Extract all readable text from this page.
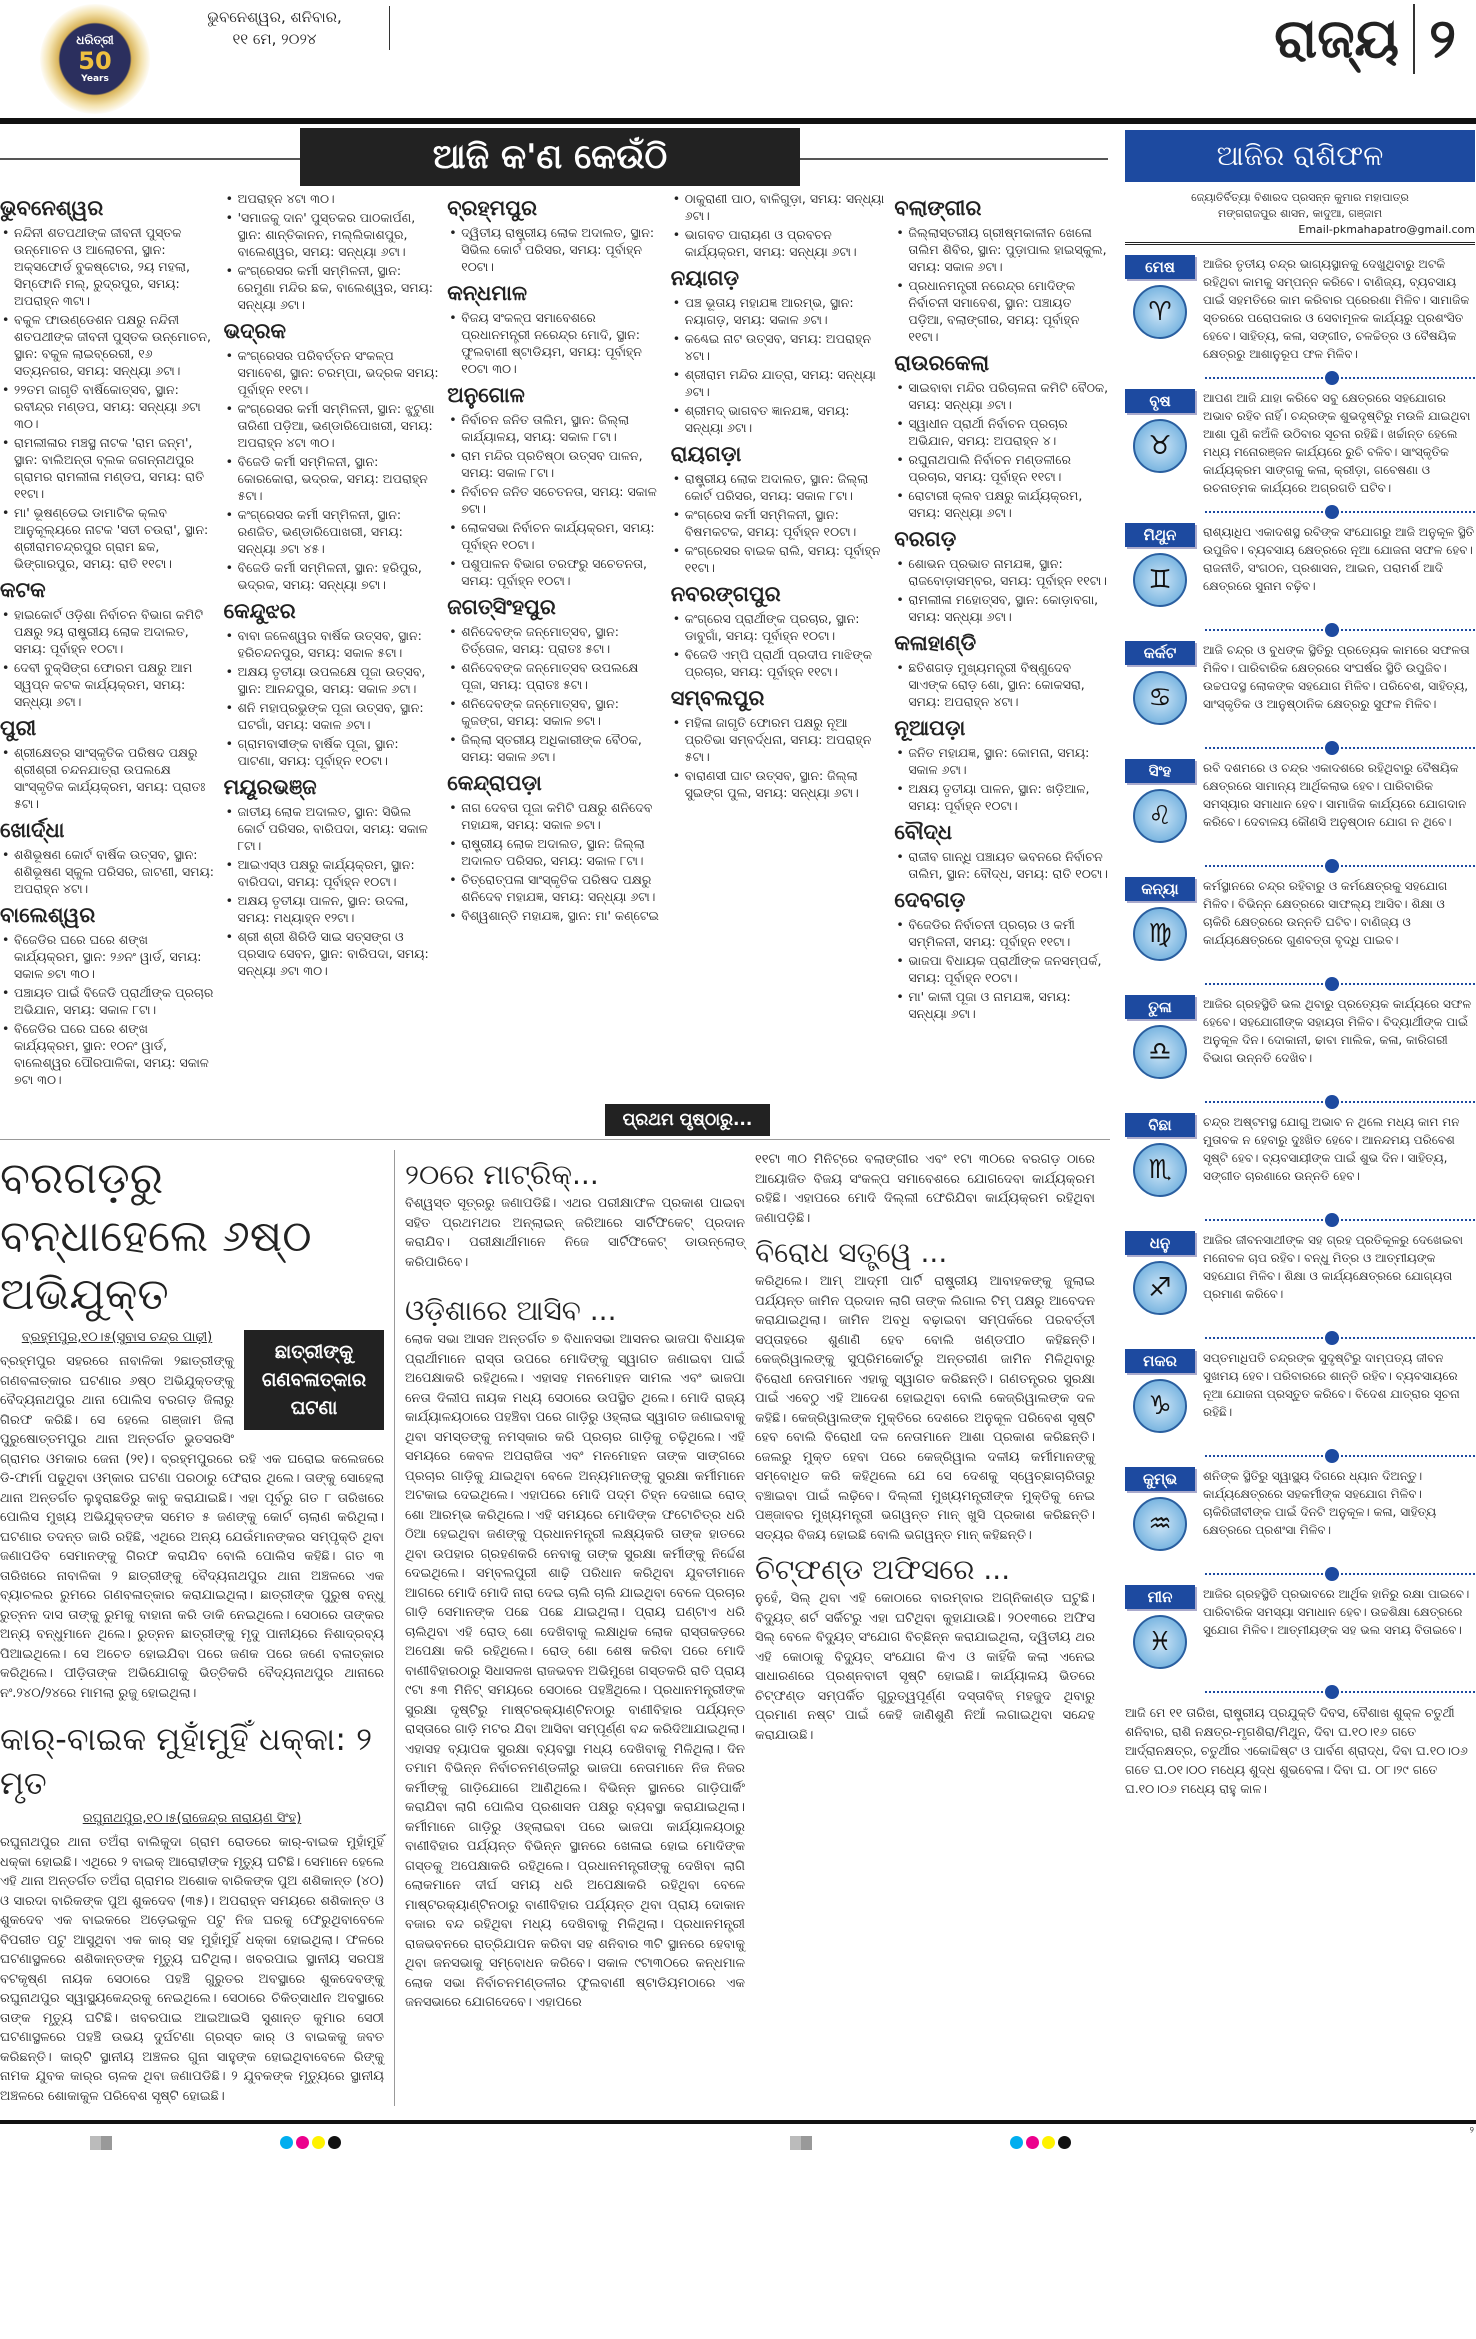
ଧରିତ୍ରୀ
50
Years
ଭୁବନେଶ୍ୱର, ଶନିବାର,
୧୧ ମେ, ୨୦୨୪	ରାଜ୍ୟ ୨
ଆଜି କ'ଣ କେଉଁଠି	ଆଜିର ରାଶିଫଳ
ଭୁବନେଶ୍ୱର
• ନନ୍ଦିନୀ ଶତପଥୀଙ୍କ ଜୀବନୀ ପୁସ୍ତକ ଉନ୍ମୋଚନ ଓ ଆଲୋଚନା, ସ୍ଥାନ: ଅକ୍ସଫୋର୍ଡ ବୁକଷ୍ଟୋର, ୨ୟ ମହଲା, ସିମ୍ଫୋନି ମଲ୍, ରୁଦ୍ରପୁର, ସମୟ: ଅପରାହ୍ନ ୩ଟା।
• ବକୁଳ ଫାଉଣ୍ଡେଶନ ପକ୍ଷରୁ ନନ୍ଦିନୀ ଶତପଥୀଙ୍କ ଜୀବନୀ ପୁସ୍ତକ ଉନ୍ମୋଚନ, ସ୍ଥାନ: ବକୁଳ ଲାଇବ୍ରେରୀ, ୧୬ ସତ୍ୟନଗର, ସମୟ: ସନ୍ଧ୍ୟା ୬ଟା।
• ୨୨ତମ ଜାଗୃତି ବାର୍ଷିକୋତ୍ସବ, ସ୍ଥାନ: ରବୀନ୍ଦ୍ର ମଣ୍ଡପ, ସମୟ: ସନ୍ଧ୍ୟା ୬ଟା ୩୦।
• ରାମଲୀଳାର ମଞ୍ଚସ୍ଥ ନାଟକ 'ରାମ ଜନ୍ମ', ସ୍ଥାନ: ବାଲିଅନ୍ତା ବ୍ଲକ ଜଗନ୍ନାଥପୁର ଗ୍ରାମର ରାମଲୀଳା ମଣ୍ଡପ, ସମୟ: ରାତି ୧୧ଟା।
• ମା' ଭୂଷଣ୍ଡେଇ ଡାମାଟିକ କ୍ଲବ ଆନୁକୂଲ୍ୟରେ ନାଟକ 'ସତୀ ଚଉରା', ସ୍ଥାନ: ଶ୍ରୀରାମଚନ୍ଦ୍ରପୁର ଗ୍ରାମ ଛକ, ଭିଙ୍ଗାରପୁର, ସମୟ: ରାତି ୧୧ଟା।
କଟକ
• ହାଇକୋର୍ଟ ଓଡ଼ିଶା ନିର୍ବାଚନ ବିଭାଗ କମିଟି ପକ୍ଷରୁ ୨ୟ ରାଷ୍ଟ୍ରୀୟ ଲୋକ ଅଦାଲତ, ସମୟ: ପୂର୍ବାହ୍ନ ୧୦ଟା।
• ଦେବୀ ବୁକ୍ସିଙ୍ଗ ଫୋରମ ପକ୍ଷରୁ ଆମ ସ୍ୱପ୍ନ କଟକ କାର୍ଯ୍ୟକ୍ରମ, ସମୟ: ସନ୍ଧ୍ୟା ୬ଟା।
ପୁରୀ
• ଶ୍ରୀକ୍ଷେତ୍ର ସାଂସ୍କୃତିକ ପରିଷଦ ପକ୍ଷରୁ ଶ୍ରୀଶ୍ରୀ ଚନ୍ଦନଯାତ୍ରା ଉପଲକ୍ଷେ ସାଂସ୍କୃତିକ କାର୍ଯ୍ୟକ୍ରମ, ସମୟ: ପ୍ରାତଃ ୫ଟା।
ଖୋର୍ଦ୍ଧା
• ଶଶିଭୂଷଣ କୋର୍ଟ ବାର୍ଷିକ ଉତ୍ସବ, ସ୍ଥାନ: ଶଶିଭୂଷଣ ସ୍କୁଲ ପରିସର, ଜାଟଣୀ, ସମୟ: ଅପରାହ୍ନ ୪ଟା।
ବାଲେଶ୍ୱର
• ବିଜେଡିର ଘରେ ଘରେ ଶଙ୍ଖ କାର୍ଯ୍ୟକ୍ରମ, ସ୍ଥାନ: ୨୬ନଂ ୱାର୍ଡ, ସମୟ: ସକାଳ ୭ଟା ୩୦।
• ପଞ୍ଚାୟତ ପାଇଁ ବିଜେଡି ପ୍ରାର୍ଥୀଙ୍କ ପ୍ରଚାର ଅଭିଯାନ, ସମୟ: ସକାଳ ୮ଟା।
• ବିଜେଡିର ଘରେ ଘରେ ଶଙ୍ଖ କାର୍ଯ୍ୟକ୍ରମ, ସ୍ଥାନ: ୧୦ନଂ ୱାର୍ଡ, ବାଲେଶ୍ୱର ପୌରପାଳିକା, ସମୟ: ସକାଳ ୭ଟା ୩୦।
• ଅପରାହ୍ନ ୪ଟା ୩୦।
• 'ସମାଜକୁ ଦାନ' ପୁସ୍ତକର ପାଠକାର୍ପଣ, ସ୍ଥାନ: ଶାନ୍ତିକାନନ, ମଲ୍ଲିକାଶପୁର, ବାଲେଶ୍ୱର, ସମୟ: ସନ୍ଧ୍ୟା ୬ଟା।
• କଂଗ୍ରେସର କର୍ମୀ ସମ୍ମିଳନୀ, ସ୍ଥାନ: ରେମୁଣା ମନ୍ଦିର ଛକ, ବାଲେଶ୍ୱର, ସମୟ: ସନ୍ଧ୍ୟା ୬ଟା।
ଭଦ୍ରକ
• କଂଗ୍ରେସର ପରିବର୍ତ୍ତନ ସଂକଳ୍ପ ସମାବେଶ, ସ୍ଥାନ: ଚରମ୍ପା, ଭଦ୍ରକ ସମୟ: ପୂର୍ବାହ୍ନ ୧୧ଟା।
• କଂଗ୍ରେସର କର୍ମୀ ସମ୍ମିଳନୀ, ସ୍ଥାନ: ଝୁଟୁଣା ତାରିଣୀ ପଡ଼ିଆ, ଭଣ୍ଡାରିପୋଖରୀ, ସମୟ: ଅପରାହ୍ନ ୪ଟା ୩୦।
• ବିଜେଡି କର୍ମୀ ସମ୍ମିଳନୀ, ସ୍ଥାନ: କୋରକୋରା, ଭଦ୍ରକ, ସମୟ: ଅପରାହ୍ନ ୫ଟା।
• କଂଗ୍ରେସର କର୍ମୀ ସମ୍ମିଳନୀ, ସ୍ଥାନ: ରଣଜିତ, ଭଣ୍ଡାରିପୋଖରୀ, ସମୟ: ସନ୍ଧ୍ୟା ୬ଟା ୪୫।
• ବିଜେଡି କର୍ମୀ ସମ୍ମିଳନୀ, ସ୍ଥାନ: ହରିପୁର, ଭଦ୍ରକ, ସମୟ: ସନ୍ଧ୍ୟା ୭ଟା।
କେନ୍ଦୁଝର
• ବାବା ଜଳେଶ୍ୱର ବାର୍ଷିକ ଉତ୍ସବ, ସ୍ଥାନ: ହରିଚନ୍ଦନପୁର, ସମୟ: ସକାଳ ୫ଟା।
• ଅକ୍ଷୟ ତୃତୀୟା ଉପଲକ୍ଷେ ପୂଜା ଉତ୍ସବ, ସ୍ଥାନ: ଆନନ୍ଦପୁର, ସମୟ: ସକାଳ ୬ଟା।
• ଶନି ମହାପ୍ରଭୁଙ୍କ ପୂଜା ଉତ୍ସବ, ସ୍ଥାନ: ଘଟଗାଁ, ସମୟ: ସକାଳ ୬ଟା।
• ଗ୍ରାମବାସୀଙ୍କ ବାର୍ଷିକ ପୂଜା, ସ୍ଥାନ: ପାଟଣା, ସମୟ: ପୂର୍ବାହ୍ନ ୧୦ଟା।
ମୟୂରଭଞ୍ଜ
• ଜାତୀୟ ଲୋକ ଅଦାଲତ, ସ୍ଥାନ: ସିଭିଲ କୋର୍ଟ ପରିସର, ବାରିପଦା, ସମୟ: ସକାଳ ୮ଟା।
• ଆଇଏସ୍‌ଓ ପକ୍ଷରୁ କାର୍ଯ୍ୟକ୍ରମ, ସ୍ଥାନ: ବାରିପଦା, ସମୟ: ପୂର୍ବାହ୍ନ ୧୦ଟା।
• ଅକ୍ଷୟ ତୃତୀୟା ପାଳନ, ସ୍ଥାନ: ଉଦଳା, ସମୟ: ମଧ୍ୟାହ୍ନ ୧୨ଟା।
• ଶ୍ରୀ ଶ୍ରୀ ଶିରିଡି ସାଇ ସତ୍ସଙ୍ଗ ଓ ପ୍ରସାଦ ସେବନ, ସ୍ଥାନ: ବାରିପଦା, ସମୟ: ସନ୍ଧ୍ୟା ୬ଟା ୩୦।
ବ୍ରହ୍ମପୁର
• ଦ୍ୱିତୀୟ ରାଷ୍ଟ୍ରୀୟ ଲୋକ ଅଦାଲତ, ସ୍ଥାନ: ସିଭିଲ କୋର୍ଟ ପରିସର, ସମୟ: ପୂର୍ବାହ୍ନ ୧୦ଟା।
କନ୍ଧମାଳ
• ବିଜୟ ସଂକଳ୍ପ ସମାବେଶରେ ପ୍ରଧାନମନ୍ତ୍ରୀ ନରେନ୍ଦ୍ର ମୋଦି, ସ୍ଥାନ: ଫୁଲବାଣୀ ଷ୍ଟାଡିୟମ, ସମୟ: ପୂର୍ବାହ୍ନ ୧୦ଟା ୩୦।
ଅନୁଗୋଳ
• ନିର୍ବାଚନ ଜନିତ ତାଲିମ, ସ୍ଥାନ: ଜିଲ୍ଲା କାର୍ଯ୍ୟାଳୟ, ସମୟ: ସକାଳ ୮ଟା।
• ରାମ ମନ୍ଦିର ପ୍ରତିଷ୍ଠା ଉତ୍ସବ ପାଳନ, ସମୟ: ସକାଳ ୮ଟା।
• ନିର୍ବାଚନ ଜନିତ ସଚେତନତା, ସମୟ: ସକାଳ ୭ଟା।
• ଲୋକସଭା ନିର୍ବାଚନ କାର୍ଯ୍ୟକ୍ରମ, ସମୟ: ପୂର୍ବାହ୍ନ ୧୦ଟା।
• ପଶୁପାଳନ ବିଭାଗ ତରଫରୁ ସଚେତନତା, ସମୟ: ପୂର୍ବାହ୍ନ ୧୦ଟା।
ଜଗତ୍‌ସିଂହପୁର
• ଶନିଦେବଙ୍କ ଜନ୍ମୋତ୍ସବ, ସ୍ଥାନ: ତିର୍ତ୍ତୋଳ, ସମୟ: ପ୍ରାତଃ ୫ଟା।
• ଶନିଦେବଙ୍କ ଜନ୍ମୋତ୍ସବ ଉପଲକ୍ଷେ ପୂଜା, ସମୟ: ପ୍ରାତଃ ୫ଟା।
• ଶନିଦେବଙ୍କ ଜନ୍ମୋତ୍ସବ, ସ୍ଥାନ: କୁଜଙ୍ଗ, ସମୟ: ସକାଳ ୭ଟା।
• ଜିଲ୍ଲା ସ୍ତରୀୟ ଅଧିକାରୀଙ୍କ ବୈଠକ, ସମୟ: ସକାଳ ୬ଟା।
କେନ୍ଦ୍ରାପଡ଼ା
• ନାଗ ଦେବତା ପୂଜା କମିଟି ପକ୍ଷରୁ ଶନିଦେବ ମହାଯଜ୍ଞ, ସମୟ: ସକାଳ ୭ଟା।
• ରାଷ୍ଟ୍ରୀୟ ଲୋକ ଅଦାଲତ, ସ୍ଥାନ: ଜିଲ୍ଲା ଅଦାଲତ ପରିସର, ସମୟ: ସକାଳ ୮ଟା।
• ଚିତ୍ରୋତ୍ପଳା ସାଂସ୍କୃତିକ ପରିଷଦ ପକ୍ଷରୁ ଶନିଦେବ ମହାଯଜ୍ଞ, ସମୟ: ସନ୍ଧ୍ୟା ୬ଟା।
• ବିଶ୍ୱଶାନ୍ତି ମହାଯଜ୍ଞ, ସ୍ଥାନ: ମା' କଣ୍ଟେଇ
• ଠାକୁରାଣୀ ପାଠ, ବାଳିଗୁଡ଼ା, ସମୟ: ସନ୍ଧ୍ୟା ୬ଟା।
• ଭାଗବତ ପାରାୟଣ ଓ ପ୍ରବଚନ କାର୍ଯ୍ୟକ୍ରମ, ସମୟ: ସନ୍ଧ୍ୟା ୬ଟା।
ନୟାଗଡ଼
• ପଞ୍ଚ ଭୂତାୟ ମହାଯଜ୍ଞ ଆରମ୍ଭ, ସ୍ଥାନ: ନୟାଗଡ଼, ସମୟ: ସକାଳ ୬ଟା।
• କଣ୍ଢେଇ ନାଟ ଉତ୍ସବ, ସମୟ: ଅପରାହ୍ନ ୪ଟା।
• ଶ୍ରୀରାମ ମନ୍ଦିର ଯାତ୍ରା, ସମୟ: ସନ୍ଧ୍ୟା ୬ଟା।
• ଶ୍ରୀମଦ୍ ଭାଗବତ ଜ୍ଞାନଯଜ୍ଞ, ସମୟ: ସନ୍ଧ୍ୟା ୬ଟା।
ରାୟଗଡ଼ା
• ରାଷ୍ଟ୍ରୀୟ ଲୋକ ଅଦାଲତ, ସ୍ଥାନ: ଜିଲ୍ଲା କୋର୍ଟ ପରିସର, ସମୟ: ସକାଳ ୮ଟା।
• କଂଗ୍ରେସ କର୍ମୀ ସମ୍ମିଳନୀ, ସ୍ଥାନ: ବିଷମକଟକ, ସମୟ: ପୂର୍ବାହ୍ନ ୧୦ଟା।
• କଂଗ୍ରେସର ବାଇକ ରାଲି, ସମୟ: ପୂର୍ବାହ୍ନ ୧୧ଟା।
ନବରଙ୍ଗପୁର
• କଂଗ୍ରେସ ପ୍ରାର୍ଥୀଙ୍କ ପ୍ରଚାର, ସ୍ଥାନ: ଡାବୁଗାଁ, ସମୟ: ପୂର୍ବାହ୍ନ ୧୦ଟା।
• ବିଜେଡି ଏମ୍‌ପି ପ୍ରାର୍ଥୀ ପ୍ରଦୀପ ମାଝିଙ୍କ ପ୍ରଚାର, ସମୟ: ପୂର୍ବାହ୍ନ ୧୧ଟା।
ସମ୍ବଲପୁର
• ମହିଳା ଜାଗୃତି ଫୋରମ ପକ୍ଷରୁ ନୂଆ ପ୍ରତିଭା ସମ୍ବର୍ଦ୍ଧନା, ସମୟ: ଅପରାହ୍ନ ୫ଟା।
• ବାରାଣସୀ ଘାଟ ଉତ୍ସବ, ସ୍ଥାନ: ଜିଲ୍ଲା ସୁଇଙ୍ଗ ପୁଲ, ସମୟ: ସନ୍ଧ୍ୟା ୬ଟା।
ବଲାଙ୍ଗୀର
• ଜିଲ୍ଲାସ୍ତରୀୟ ଗ୍ରୀଷ୍ମକାଳୀନ ଖେଳୋ ତାଲିମ ଶିବିର, ସ୍ଥାନ: ପୁଡ଼ାପାଲ ହାଇସ୍କୁଲ, ସମୟ: ସକାଳ ୬ଟା।
• ପ୍ରଧାନମନ୍ତ୍ରୀ ନରେନ୍ଦ୍ର ମୋଦିଙ୍କ ନିର୍ବାଚନୀ ସମାବେଶ, ସ୍ଥାନ: ପଞ୍ଚାୟତ ପଡ଼ିଆ, ବଲାଙ୍ଗୀର, ସମୟ: ପୂର୍ବାହ୍ନ ୧୧ଟା।
ରାଉରକେଲା
• ସାଇବାବା ମନ୍ଦିର ପରିଚାଳନା କମିଟି ବୈଠକ, ସମୟ: ସନ୍ଧ୍ୟା ୬ଟା।
• ସ୍ୱାଧୀନ ପ୍ରାର୍ଥୀ ନିର୍ବାଚନ ପ୍ରଚାର ଅଭିଯାନ, ସମୟ: ଅପରାହ୍ନ ୪।
• ରଘୁନାଥପାଲି ନିର୍ବାଚନ ମଣ୍ଡଳୀରେ ପ୍ରଚାର, ସମୟ: ପୂର୍ବାହ୍ନ ୧୧ଟା।
• ରୋଟାରୀ କ୍ଲବ ପକ୍ଷରୁ କାର୍ଯ୍ୟକ୍ରମ, ସମୟ: ସନ୍ଧ୍ୟା ୬ଟା।
ବରଗଡ଼
• ଶୋଭନ ପ୍ରଭାତ ନାମଯଜ୍ଞ, ସ୍ଥାନ: ରାଜବୋଡ଼ାସମ୍ବର, ସମୟ: ପୂର୍ବାହ୍ନ ୧୧ଟା।
• ରାମଲୀଳା ମହୋତ୍ସବ, ସ୍ଥାନ: କୋଡ଼ାବଗା, ସମୟ: ସନ୍ଧ୍ୟା ୬ଟା।
କଳାହାଣ୍ଡି
• ଛତିଶଗଡ଼ ମୁଖ୍ୟମନ୍ତ୍ରୀ ବିଷ୍ଣୁଦେବ ସାଏଙ୍କ ରୋଡ଼ ଶୋ, ସ୍ଥାନ: କୋକସରା, ସମୟ: ଅପରାହ୍ନ ୪ଟା।
ନୂଆପଡ଼ା
• ଜନିତ ମହାଯଜ୍ଞ, ସ୍ଥାନ: କୋମନା, ସମୟ: ସକାଳ ୬ଟା।
• ଅକ୍ଷୟ ତୃତୀୟା ପାଳନ, ସ୍ଥାନ: ଖଡ଼ିଆଳ, ସମୟ: ପୂର୍ବାହ୍ନ ୧୦ଟା।
ବୌଦ୍ଧ
• ରାଜୀବ ଗାନ୍ଧି ପଞ୍ଚାୟତ ଭବନରେ ନିର୍ବାଚନ ତାଲିମ, ସ୍ଥାନ: ବୌଦ୍ଧ, ସମୟ: ରାତି ୧୦ଟା।
ଦେବଗଡ଼
• ବିଜେଡିର ନିର୍ବାଚନୀ ପ୍ରଚାର ଓ କର୍ମୀ ସମ୍ମିଳନୀ, ସମୟ: ପୂର୍ବାହ୍ନ ୧୧ଟା।
• ଭାଜପା ବିଧାୟକ ପ୍ରାର୍ଥୀଙ୍କ ଜନସମ୍ପର୍କ, ସମୟ: ପୂର୍ବାହ୍ନ ୧୦ଟା।
• ମା' କାଳୀ ପୂଜା ଓ ନାମଯଜ୍ଞ, ସମୟ: ସନ୍ଧ୍ୟା ୬ଟା।
ପ୍ରଥମ ପୃଷ୍ଠାରୁ...
ବରଗଡ଼ରୁ ବନ୍ଧାହେଲେ ୬ଷ୍ଠ ଅଭିଯୁକ୍ତ
ଛାତ୍ରୀଙ୍କୁ
ଗଣବଳାତ୍କାର
ଘଟଣା
ବ୍ରହ୍ମପୁର,୧୦।୫(ସୁବାସ ଚନ୍ଦ୍ର ପାଢ଼ୀ)
ବ୍ରହ୍ମପୁର ସହରରେ ନାବାଳିକା ୨ଛାତ୍ରୀଙ୍କୁ ଗଣବଳାତ୍କାର ଘଟଣାର ୬ଷ୍ଠ ଅଭିଯୁକ୍ତଙ୍କୁ ବୈଦ୍ୟନାଥପୁର ଥାନା ପୋଲିସ ବରଗଡ଼ ଜିଲାରୁ ଗିରଫ କରିଛି। ସେ ହେଲେ ଗଞ୍ଜାମ ଜିଲା ପୁରୁଷୋତ୍ତମପୁର ଥାନା ଅନ୍ତର୍ଗତ ଭୁତସରସିଂ ଗ୍ରାମର ଓମକାର ଜେନା (୨୧)। ବ୍ରହ୍ମପୁରରେ ରହି ଏକ ଘରୋଇ କଲେଜରେ ଡି-ଫାର୍ମା ପଢୁଥିବା ଓମ୍‌କାର ଘଟଣା ପରଠାରୁ ଫେରାର ଥିଲେ। ତାଙ୍କୁ ସୋହେଲା ଥାନା ଅନ୍ତର୍ଗତ ଲୁହୁରାଛଡିରୁ କାବୁ କରାଯାଇଛି। ଏହା ପୂର୍ବରୁ ଗତ ୮ ତାରିଖରେ ପୋଲିସ ମୁଖ୍ୟ ଅଭିଯୁକ୍ତଙ୍କ ସମେତ ୫ ଜଣଙ୍କୁ କୋର୍ଟ ଚାଲାଣ କରିଥିଲା। ଘଟଣାର ତଦନ୍ତ ଜାରି ରହିଛି, ଏଥିରେ ଅନ୍ୟ ଯେଉଁମାନଙ୍କର ସମ୍ପୃକ୍ତି ଥିବା ଜଣାପଡିବ ସେମାନଙ୍କୁ ଗିରଫ କରାଯିବ ବୋଲି ପୋଲିସ କହିଛି। ଗତ ୩ ତାରିଖରେ ନାବାଳିକା ୨ ଛାତ୍ରୀଙ୍କୁ ବୈଦ୍ୟନାଥପୁର ଥାନା ଅଞ୍ଚଳରେ ଏକ ବ୍ୟାଚଲର ରୁମରେ ଗଣବଳାତ୍କାର କରାଯାଇଥିଲା। ଛାତ୍ରୀଙ୍କ ପୁରୁଷ ବନ୍ଧୁ ରୁତ୍ନନ ଦାସ ତାଙ୍କୁ ରୁମକୁ ବାହାନା କରି ଡାକି ନେଇଥିଲେ। ସେଠାରେ ତାଙ୍କର ଅନ୍ୟ ବନ୍ଧୁମାନେ ଥିଲେ। ରୁତ୍ନନ ଛାତ୍ରୀଙ୍କୁ ମୃଦୁ ପାନୀୟରେ ନିଶାଦ୍ରବ୍ୟ ପିଆଇଥିଲେ। ସେ ଅଚେତ ହୋଇଯିବା ପରେ ଜଣକ ପରେ ଜଣେ ବଳାତ୍କାର କରିଥିଲେ। ପୀଡ଼ିତାଙ୍କ ଅଭିଯୋଗକୁ ଭିତ୍ତିକରି ବୈଦ୍ୟନାଥପୁର ଥାନାରେ ନଂ.୨୪୦/୨୪ରେ ମାମଲା ରୁଜୁ ହୋଇଥିଲା।
କାର୍-ବାଇକ ମୁହାଁମୁହିଁ ଧକ୍କା: ୨ ମୃତ
ରଘୁନାଥପୁର,୧୦।୫(ରାଜେନ୍ଦ୍ର ନାରାୟଣ ସିଂହ)
ରଘୁନାଥପୁର ଥାନା ତଅଁରା ବାଲିକୁଦା ଗ୍ରାମ ରୋଡରେ କାର୍-ବାଇକ ମୁହାଁମୁହିଁ ଧକ୍କା ହୋଇଛି। ଏଥିରେ ୨ ବାଇକ୍ ଆରୋହୀଙ୍କ ମୃତ୍ୟୁ ଘଟିଛି। ସେମାନେ ହେଲେ ଏହି ଥାନା ଅନ୍ତର୍ଗତ ତଅଁରା ଗ୍ରାମର ଅଶୋକ ବାରିକଙ୍କ ପୁଅ ଶଶିକାନ୍ତ (୪୦) ଓ ସାରଦା ବାରିକଙ୍କ ପୁଅ ଶୁକଦେବ (୩୫)। ଅପରାହ୍ନ ସମୟରେ ଶଶିକାନ୍ତ ଓ ଶୁକଦେବ ଏକ ବାଇକରେ ଅଡ଼େଇକୁଳ ପଟୁ ନିଜ ଘରକୁ ଫେରୁଥିବାବେଳେ ବିପରୀତ ପଟୁ ଆସୁଥିବା ଏକ କାର୍ ସହ ମୁହାଁମୁହିଁ ଧକ୍କା ହୋଇଥିଲା। ଫଳରେ ଘଟଣାସ୍ଥଳରେ ଶଶିକାନ୍ତଙ୍କ ମୃତ୍ୟୁ ଘଟିଥିଲା। ଖବରପାଇ ସ୍ଥାନୀୟ ସରପଞ୍ଚ ବଟକୃଷ୍ଣ ନାୟକ ସେଠାରେ ପହଞ୍ଚି ଗୁରୁତର ଅବସ୍ଥାରେ ଶୁକଦେବଙ୍କୁ ରଘୁନାଥପୁର ସ୍ୱାସ୍ଥ୍ୟକେନ୍ଦ୍ରକୁ ନେଇଥିଲେ। ସେଠାରେ ଚିକିତ୍ସାଧୀନ ଅବସ୍ଥାରେ ତାଙ୍କ ମୃତ୍ୟୁ ଘଟିଛି। ଖବରପାଇ ଆଇଆଇସି ସୁଶାନ୍ତ କୁମାର ସେଠୀ ଘଟଣାସ୍ଥଳରେ ପହଞ୍ଚି ଉଭୟ ଦୁର୍ଘଟଣା ଗ୍ରସ୍ତ କାର୍ ଓ ବାଇକକୁ ଜବତ କରିଛନ୍ତି। କାର୍‌ଟି ସ୍ଥାନୀୟ ଅଞ୍ଚଳର ଗୁନା ସାହୁଙ୍କ ହୋଇଥିବାବେଳେ ରିଙ୍କୁ ନାମକ ଯୁବକ କାର୍‌ର ଚାଳକ ଥିବା ଜଣାପଡିଛି। ୨ ଯୁବକଙ୍କ ମୃତ୍ୟୁରେ ସ୍ଥାନୀୟ ଅଞ୍ଚଳରେ ଶୋକାକୁଳ ପରିବେଶ ସୃଷ୍ଟି ହୋଇଛି।
୨୦ରେ ମାଟ୍ରିକ୍...
ବିଶ୍ୱସ୍ତ ସୂତ୍ରରୁ ଜଣାପଡିଛି। ଏଥର ପରୀକ୍ଷାଫଳ ପ୍ରକାଶ ପାଇବା ସହିତ ପ୍ରଥମଥର ଅନ୍‌ଲାଇନ୍ ଜରିଆରେ ସାର୍ଟିଫିକେଟ୍ ପ୍ରଦାନ କରାଯିବ। ପରୀକ୍ଷାର୍ଥୀମାନେ ନିଜେ ସାର୍ଟିଫିକେଟ୍ ଡାଉନ୍‌ଲୋଡ୍ କରିପାରିବେ।
ଓଡ଼ିଶାରେ ଆସିବ ...
ଲୋକ ସଭା ଆସନ ଅନ୍ତର୍ଗତ ୭ ବିଧାନସଭା ଆସନର ଭାଜପା ବିଧାୟକ ପ୍ରାର୍ଥୀମାନେ ରାସ୍ତା ଉପରେ ମୋଦିଙ୍କୁ ସ୍ୱାଗତ ଜଣାଇବା ପାଇଁ ଅପେକ୍ଷାକରି ରହିଥିଲେ। ଏହାସହ ମନମୋହନ ସାମଲ ଏବଂ ଭାଜପା ନେତା ଦିଲୀପ ନାୟକ ମଧ୍ୟ ସେଠାରେ ଉପସ୍ଥିତ ଥିଲେ। ମୋଦି ରାଜ୍ୟ କାର୍ଯ୍ୟାଳୟଠାରେ ପହଞ୍ଚିବା ପରେ ଗାଡ଼ିରୁ ଓହ୍ଲାଇ ସ୍ୱାଗତ ଜଣାଇବାକୁ ଥିବା ସମସ୍ତଙ୍କୁ ନମସ୍କାର କରି ପ୍ରଚାର ଗାଡ଼ିକୁ ଚଢ଼ିଥିଲେ। ଏହି ସମୟରେ କେବଳ ଅପରାଜିତା ଏବଂ ମନମୋହନ ତାଙ୍କ ସାଙ୍ଗରେ ପ୍ରଚାର ଗାଡ଼ିକୁ ଯାଇଥିବା ବେଳେ ଅନ୍ୟମାନଙ୍କୁ ସୁରକ୍ଷା କର୍ମୀମାନେ ଅଟକାଇ ଦେଇଥିଲେ। ଏହାପରେ ମୋଦି ପଦ୍ମ ଚିହ୍ନ ଦେଖାଇ ରୋଡ୍ ଶୋ ଆରମ୍ଭ କରିଥିଲେ। ଏହି ସମୟରେ ମୋଦିଙ୍କ ଫଟୋଚିତ୍ର ଧରି ଠିଆ ହେଇଥିବା ଜଣଙ୍କୁ ପ୍ରଧାନମନ୍ତ୍ରୀ ଲକ୍ଷ୍ୟକରି ତାଙ୍କ ହାତରେ ଥିବା ଉପହାର ଗ୍ରହଣକରି ନେବାକୁ ତାଙ୍କ ସୁରକ୍ଷା କର୍ମୀଙ୍କୁ ନିର୍ଦ୍ଦେଶ ଦେଇଥିଲେ। ସମ୍ବଲପୁରୀ ଶାଢ଼ି ପରିଧାନ କରିଥିବା ଯୁବତୀମାନେ ଆଗରେ ମୋଦି ମୋଦି ନାରା ଦେଇ ଚାଲି ଚାଲି ଯାଇଥିବା ବେଳେ ପ୍ରଚାର ଗାଡ଼ି ସେମାନଙ୍କ ପଛେ ପଛେ ଯାଇଥିଲା। ପ୍ରାୟ ଘଣ୍ଟାଏ ଧରି ଚାଲିଥିବା ଏହି ରୋଡ୍ ଶୋ ଦେଖିବାକୁ ଲକ୍ଷାଧିକ ଲୋକ ରାସ୍ତାକଡ଼ରେ ଅପେକ୍ଷା କରି ରହିଥିଲେ। ରୋଡ୍ ଶୋ ଶେଷ କରିବା ପରେ ମୋଦି ବାଣୀବିହାରଠାରୁ ସିଧାସଳଖ ରାଜଭବନ ଅଭିମୁଖେ ଗସ୍ତକରି ରାତି ପ୍ରାୟ ୯ଟା ୫୩ ମିନିଟ୍ ସମୟରେ ସେଠାରେ ପହଞ୍ଚିଥିଲେ। ପ୍ରଧାନମନ୍ତ୍ରୀଙ୍କ ସୁରକ୍ଷା ଦୃଷ୍ଟିରୁ ମାଷ୍ଟରକ୍ୟାଣ୍ଟିନଠାରୁ ବାଣୀବିହାର ପର୍ଯ୍ୟନ୍ତ ରାସ୍ତାରେ ଗାଡ଼ି ମଟର ଯିବା ଆସିବା ସମ୍ପୂର୍ଣ୍ଣ ବନ୍ଦ କରିଦିଆଯାଇଥିଲା। ଏହାସହ ବ୍ୟାପକ ସୁରକ୍ଷା ବ୍ୟବସ୍ଥା ମଧ୍ୟ ଦେଖିବାକୁ ମିଳିଥିଲା। ଦିନ ତମାମ ବିଭିନ୍ନ ନିର୍ବାଚନମଣ୍ଡଳୀରୁ ଭାଜପା ନେତାମାନେ ନିଜ ନିଜର କର୍ମୀଙ୍କୁ ଗାଡ଼ିଯୋଗେ ଆଣିଥିଲେ। ବିଭିନ୍ନ ସ୍ଥାନରେ ଗାଡ଼ିପାର୍କିଂ କରାଯିବା ଲାଗି ପୋଲିସ ପ୍ରଶାସନ ପକ୍ଷରୁ ବ୍ୟବସ୍ଥା କରାଯାଇଥିଲା। କର୍ମୀମାନେ ଗାଡ଼ିରୁ ଓହ୍ଲାଇବା ପରେ ଭାଜପା କାର୍ଯ୍ୟାଳୟଠାରୁ ବାଣୀବିହାର ପର୍ଯ୍ୟନ୍ତ ବିଭିନ୍ନ ସ୍ଥାନରେ ଖେଳାଇ ହୋଇ ମୋଦିଙ୍କ ଗସ୍ତକୁ ଅପେକ୍ଷାକରି ରହିଥିଲେ। ପ୍ରଧାନମନ୍ତ୍ରୀଙ୍କୁ ଦେଖିବା ଲାଗି ଲୋକମାନେ ଦୀର୍ଘ ସମୟ ଧରି ଅପେକ୍ଷାକରି ରହିଥିବା ବେଳେ ମାଷ୍ଟରକ୍ୟାଣ୍ଟିନଠାରୁ ବାଣୀବିହାର ପର୍ଯ୍ୟନ୍ତ ଥିବା ପ୍ରାୟ ଦୋକାନ ବଜାର ବନ୍ଦ ରହିଥିବା ମଧ୍ୟ ଦେଖିବାକୁ ମିଳିଥିଲା। ପ୍ରଧାନମନ୍ତ୍ରୀ ରାଜଭବନରେ ରାତ୍ରିଯାପନ କରିବା ସହ ଶନିବାର ୩ଟି ସ୍ଥାନରେ ହେବାକୁ ଥିବା ଜନସଭାକୁ ସମ୍ବୋଧନ କରିବେ। ସକାଳ ୯ଟା୩୦ରେ କନ୍ଧମାଳ ଲୋକ ସଭା ନିର୍ବାଚନମଣ୍ଡଳୀର ଫୁଲବାଣୀ ଷ୍ଟାଡିୟମଠାରେ ଏକ ଜନସଭାରେ ଯୋଗଦେବେ। ଏହାପରେ
୧୧ଟା ୩୦ ମିନିଟ୍‌ରେ ବଲାଙ୍ଗୀର ଏବଂ ୧ଟା ୩୦ରେ ବରଗଡ଼ ଠାରେ ଆୟୋଜିତ ବିଜୟ ସଂକଳ୍ପ ସମାବେଶରେ ଯୋଗଦେବା କାର୍ଯ୍ୟକ୍ରମ ରହିଛି। ଏହାପରେ ମୋଦି ଦିଲ୍ଲୀ ଫେରିଯିବା କାର୍ଯ୍ୟକ୍ରମ ରହିଥିବା ଜଣାପଡ଼ିଛି।
ବିରୋଧ ସତ୍ତ୍ୱେ ...
କରିଥିଲେ। ଆମ୍ ଆଦ୍‌ମୀ ପାର୍ଟି ରାଷ୍ଟ୍ରୀୟ ଆବାହକଙ୍କୁ ଜୁଲାଇ ପର୍ଯ୍ୟନ୍ତ ଜାମିନ ପ୍ରଦାନ ଲାଗି ତାଙ୍କ ଲିଗାଲ ଟିମ୍ ପକ୍ଷରୁ ଆବେଦନ କରାଯାଇଥିଲା। ଜାମିନ ଅବଧି ବଢ଼ାଇବା ସମ୍ପର୍କରେ ପରବର୍ତ୍ତୀ ସପ୍ତାହରେ ଶୁଣାଣି ହେବ ବୋଲି ଖଣ୍ଡପୀଠ କହିଛନ୍ତି। କେଜ୍‌ରିୱାଲଙ୍କୁ ସୁପ୍ରିମକୋର୍ଟରୁ ଅନ୍ତରୀଣ ଜାମିନ ମିଳିଥିବାରୁ ବିରୋଧୀ ନେତାମାନେ ଏହାକୁ ସ୍ୱାଗତ କରିଛନ୍ତି। ଗଣତନ୍ତ୍ରର ସୁରକ୍ଷା ପାଇଁ ଏବେଠୁ ଏହି ଆଦେଶ ହୋଇଥିବା ବୋଲି କେଜ୍‌ରିୱାଲଙ୍କ ଦଳ କହିଛି। କେଜ୍‌ରିୱାଲଙ୍କ ମୁକ୍ତିରେ ଦେଶରେ ଅନୁକୂଳ ପରିବେଶ ସୃଷ୍ଟି ହେବ ବୋଲି ବିରୋଧୀ ଦଳ ନେତାମାନେ ଆଶା ପ୍ରକାଶ କରିଛନ୍ତି। ଜେଲରୁ ମୁକ୍ତ ହେବା ପରେ କେଜ୍‌ରିୱାଲ ଦଳୀୟ କର୍ମୀମାନଙ୍କୁ ସମ୍ବୋଧିତ କରି କହିଥିଲେ ଯେ ସେ ଦେଶକୁ ସ୍ୱେଚ୍ଛାଚାରିତାରୁ ବଞ୍ଚାଇବା ପାଇଁ ଲଢ଼ିବେ। ଦିଲ୍ଲୀ ମୁଖ୍ୟମନ୍ତ୍ରୀଙ୍କ ମୁକ୍ତିକୁ ନେଇ ପଞ୍ଜାବର ମୁଖ୍ୟମନ୍ତ୍ରୀ ଭଗୱନ୍ତ ମାନ୍ ଖୁସି ପ୍ରକାଶ କରିଛନ୍ତି। ସତ୍ୟର ବିଜୟ ହୋଇଛି ବୋଲି ଭଗୱନ୍ତ ମାନ୍ କହିଛନ୍ତି।
ଚିଟ୍‌ଫଣ୍ଡ ଅଫିସରେ ...
ନୁହେଁ, ସିଲ୍ ଥିବା ଏହି କୋଠାରେ ବାରମ୍ବାର ଅଗ୍ନିକାଣ୍ଡ ଘଟୁଛି। ବିଦ୍ୟୁତ୍ ଶର୍ଟ ସର୍କିଟରୁ ଏହା ଘଟିଥିବା କୁହାଯାଉଛି। ୨୦୧୩ରେ ଅଫିସ ସିଲ୍ ବେଳେ ବିଦ୍ୟୁତ୍ ସଂଯୋଗ ବିଚ୍ଛିନ୍ନ କରାଯାଇଥିଲା, ଦ୍ୱିତୀୟ ଥର ଏହି କୋଠାକୁ ବିଦ୍ୟୁତ୍ ସଂଯୋଗ କିଏ ଓ କାହିଁକି କଲା ଏନେଇ ସାଧାରଣରେ ପ୍ରଶ୍ନବାଚୀ ସୃଷ୍ଟି ହୋଇଛି। କାର୍ଯ୍ୟାଳୟ ଭିତରେ ଚିଟ୍‌ଫଣ୍ଡ ସମ୍ପର୍କିତ ଗୁରୁତ୍ୱପୂର୍ଣ୍ଣ ଦସ୍ତାବିଜ୍ ମହଜୁଦ ଥିବାରୁ ପ୍ରମାଣ ନଷ୍ଟ ପାଇଁ କେହି ଜାଣିଶୁଣି ନିଆଁ ଲଗାଇଥିବା ସନ୍ଦେହ କରାଯାଉଛି।
ଜ୍ୟୋତିର୍ବିତ୍ୟା ବିଶାରଦ ପ୍ରସନ୍ନ କୁମାର ମହାପାତ୍ର
ମଙ୍ଗରାଜପୁର ଶାସନ, କାଦୁଆ, ଗଞ୍ଜାମ
Email-pkmahapatro@gmail.com
ମେଷ
♈
ଆଜିର ତୃତୀୟ ଚନ୍ଦ୍ର ଭାଗ୍ୟସ୍ଥାନକୁ ଦେଖୁଥିବାରୁ ଅଟକି ରହିଥିବା କାମକୁ ସମ୍ପନ୍ନ କରିବେ। ବାଣିଜ୍ୟ, ବ୍ୟବସାୟ ପାଇଁ ସହମତିରେ କାମ କରିବାର ପ୍ରେରଣା ମିଳିବ। ସାମାଜିକ ସ୍ତରରେ ପରୋପକାର ଓ ସେବାମୂଳକ କାର୍ଯ୍ୟରୁ ପ୍ରଶଂସିତ ହେବେ। ସାହିତ୍ୟ, କଳା, ସଙ୍ଗୀତ, ଚଳଚ୍ଚିତ୍ର ଓ ବୈଷୟିକ କ୍ଷେତ୍ରରୁ ଆଶାନୁରୂପ ଫଳ ମିଳିବ।
ବୃଷ
♉
ଆପଣ ଆଜି ଯାହା କରିବେ ସବୁ କ୍ଷେତ୍ରରେ ସହଯୋଗର ଅଭାବ ରହିବ ନାହିଁ। ଚନ୍ଦ୍ରଙ୍କ ଶୁଭଦୃଷ୍ଟିରୁ ମଉଳି ଯାଇଥିବା ଆଶା ପୁଣି କଅଁଳି ଉଠିବାର ସୂଚନା ରହିଛି। ଖର୍ଚ୍ଚାନ୍ତ ହେଲେ ମଧ୍ୟ ମନୋରଞ୍ଜନ କାର୍ଯ୍ୟରେ ରୁଚି ବଳିବ। ସାଂସ୍କୃତିକ କାର୍ଯ୍ୟକ୍ରମ ସାଙ୍ଗକୁ କଳା, କ୍ରୀଡ଼ା, ଗବେଷଣା ଓ ରଚନାତ୍ମକ କାର୍ଯ୍ୟରେ ଅଗ୍ରଗତି ଘଟିବ।
ମିଥୁନ
♊
ରାଶ୍ୟାଧିପ ଏକାଦଶସ୍ଥ ରବିଙ୍କ ସଂଯୋଗରୁ ଆଜି ଅନୁକୂଳ ସ୍ଥିତି ଉପୁଜିବ। ବ୍ୟବସାୟ କ୍ଷେତ୍ରରେ ନୂଆ ଯୋଜନା ସଫଳ ହେବ। ରାଜନୀତି, ସଂଗଠନ, ପ୍ରଶାସନ, ଆଇନ, ପରାମର୍ଶ ଆଦି କ୍ଷେତ୍ରରେ ସୁନାମ ବଢ଼ିବ।
କର୍କଟ
♋
ଆଜି ଚନ୍ଦ୍ର ଓ ବୁଧଙ୍କ ସ୍ଥିତିରୁ ପ୍ରତ୍ୟେକ କାମରେ ସଫଳତା ମିଳିବ। ପାରିବାରିକ କ୍ଷେତ୍ରରେ ସଂଘର୍ଷର ସ୍ଥିତି ଉପୁଜିବ। ଉଚ୍ଚପଦସ୍ଥ ଲୋକଙ୍କ ସହଯୋଗ ମିଳିବ। ପରିବେଶ, ସାହିତ୍ୟ, ସାଂସ୍କୃତିକ ଓ ଆନୁଷ୍ଠାନିକ କ୍ଷେତ୍ରରୁ ସୁଫଳ ମିଳିବ।
ସିଂହ
♌
ରବି ଦଶମରେ ଓ ଚନ୍ଦ୍ର ଏକାଦଶରେ ରହିଥିବାରୁ ବୈଷୟିକ କ୍ଷେତ୍ରରେ ସାମାନ୍ୟ ଆର୍ଥିକଲାଭ ହେବ। ପାରିବାରିକ ସମସ୍ୟାର ସମାଧାନ ହେବ। ସାମାଜିକ କାର୍ଯ୍ୟରେ ଯୋଗଦାନ କରିବେ। ଦେବାଳୟ କୌଣସି ଅନୁଷ୍ଠାନ ଯୋଗ ନ ଥିବେ।
କନ୍ୟା
♍
କର୍ମସ୍ଥାନରେ ଚନ୍ଦ୍ର ରହିବାରୁ ଓ କର୍ମକ୍ଷେତ୍ରକୁ ସହଯୋଗ ମିଳିବ। ବିଭିନ୍ନ କ୍ଷେତ୍ରରେ ସାଫଲ୍ୟ ଆସିବ। ଶିକ୍ଷା ଓ ଚାକିରି କ୍ଷେତ୍ରରେ ଉନ୍ନତି ଘଟିବ। ବାଣିଜ୍ୟ ଓ କାର୍ଯ୍ୟକ୍ଷେତ୍ରରେ ଗୁଣବତ୍ତା ବୃଦ୍ଧି ପାଇବ।
ତୁଳା
♎
ଆଜିର ଗ୍ରହସ୍ଥିତି ଭଲ ଥିବାରୁ ପ୍ରତ୍ୟେକ କାର୍ଯ୍ୟରେ ସଫଳ ହେବେ। ସହଯୋଗୀଙ୍କ ସହାୟତା ମିଳିବ। ବିଦ୍ୟାର୍ଥୀଙ୍କ ପାଇଁ ଅନୁକୂଳ ଦିନ। ଦୋକାନୀ, ଢାବା ମାଲିକ, କଳା, କାରିଗରୀ ବିଭାଗ ଉନ୍ନତି ଦେଖିବ।
ବିଛା
♏
ଚନ୍ଦ୍ର ଅଷ୍ଟମସ୍ଥ ଯୋଗୁ ଅଭାବ ନ ଥିଲେ ମଧ୍ୟ କାମ ମନ ମୁତାବକ ନ ହେବାରୁ ଦୁଃଖିତ ହେବେ। ଆନନ୍ଦମୟ ପରିବେଶ ସୃଷ୍ଟି ହେବ। ବ୍ୟବସାୟୀଙ୍କ ପାଇଁ ଶୁଭ ଦିନ। ସାହିତ୍ୟ, ସଙ୍ଗୀତ ଚାରଣାରେ ଉନ୍ନତି ହେବ।
ଧନୁ
♐
ଆଜିର ଜୀବନସାଥୀଙ୍କ ସହ ଗ୍ରହ ପ୍ରତିକୂଳରୁ ଦେଖେଇବା ମନୋବଳ ଚାପ ରହିବ। ବନ୍ଧୁ ମିତ୍ର ଓ ଆତ୍ମୀୟଙ୍କ ସହଯୋଗ ମିଳିବ। ଶିକ୍ଷା ଓ କାର୍ଯ୍ୟକ୍ଷେତ୍ରରେ ଯୋଗ୍ୟତା ପ୍ରମାଣ କରିବେ।
ମକର
♑
ସପ୍ତମାଧିପତି ଚନ୍ଦ୍ରଙ୍କ ସୁଦୃଷ୍ଟିରୁ ଦାମ୍ପତ୍ୟ ଜୀବନ ସୁଖମୟ ହେବ। ପରିବାରରେ ଶାନ୍ତି ରହିବ। ବ୍ୟବସାୟରେ ନୂଆ ଯୋଜନା ପ୍ରସ୍ତୁତ କରିବେ। ବିଦେଶ ଯାତ୍ରାର ସୂଚନା ରହିଛି।
କୁମ୍ଭ
♒
ଶନିଙ୍କ ସ୍ଥିତିରୁ ସ୍ୱାସ୍ଥ୍ୟ ଦିଗରେ ଧ୍ୟାନ ଦିଅନ୍ତୁ। କାର୍ଯ୍ୟକ୍ଷେତ୍ରରେ ସହକର୍ମୀଙ୍କ ସହଯୋଗ ମିଳିବ। ଚାକିରିଜୀବୀଙ୍କ ପାଇଁ ଦିନଟି ଅନୁକୂଳ। କଳା, ସାହିତ୍ୟ କ୍ଷେତ୍ରରେ ପ୍ରଶଂସା ମିଳିବ।
ମୀନ
♓
ଆଜିର ଗ୍ରହସ୍ଥିତି ପ୍ରଭାବରେ ଆର୍ଥିକ ହାନିରୁ ରକ୍ଷା ପାଇବେ। ପାରିବାରିକ ସମସ୍ୟା ସମାଧାନ ହେବ। ଉଚ୍ଚଶିକ୍ଷା କ୍ଷେତ୍ରରେ ସୁଯୋଗ ମିଳିବ। ଆତ୍ମୀୟଙ୍କ ସହ ଭଲ ସମୟ ବିତାଇବେ।
ଆଜି ମେ ୧୧ ତାରିଖ, ରାଷ୍ଟ୍ରୀୟ ପ୍ରଯୁକ୍ତି ଦିବସ, ବୈଶାଖ ଶୁକ୍ଳ ଚତୁର୍ଥୀ ଶନିବାର, ରାଶି ନକ୍ଷତ୍ର-ମୃଗଶିରା/ମିଥୁନ, ଦିବା ଘ.୧୦।୧୬ ଗତେ ଆର୍ଦ୍ରାନକ୍ଷତ୍ର, ଚତୁର୍ଥୀର ଏକୋଦ୍ଦିଷ୍ଟ ଓ ପାର୍ବଣ ଶ୍ରାଦ୍ଧ, ଦିବା ଘ.୧୦।୦୬ ଗତେ ଘ.୦୧।୦୦ ମଧ୍ୟେ ଶୁଦ୍ଧ ଶୁଭବେଳା। ଦିବା ଘ. ୦୮।୨୯ ଗତେ ଘ.୧୦।୦୬ ମଧ୍ୟେ ରାହୁ କାଳ।
୨
